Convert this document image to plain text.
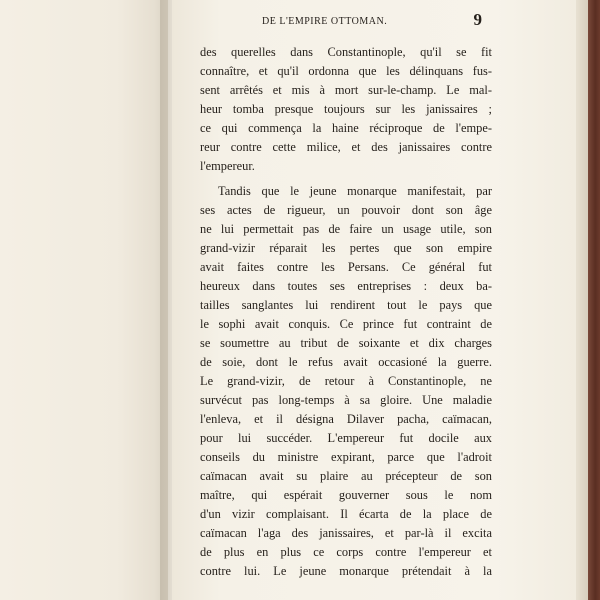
DE L'EMPIRE OTTOMAN.	9
des querelles dans Constantinople, qu'il se fit
connaître, et qu'il ordonna que les délinquans fus-
sent arrêtés et mis à mort sur-le-champ. Le mal-
heur tomba presque toujours sur les janissaires ;
ce qui commença la haine réciproque de l'empe-
reur contre cette milice, et des janissaires contre
l'empereur.
Tandis que le jeune monarque manifestait, par
ses actes de rigueur, un pouvoir dont son âge
ne lui permettait pas de faire un usage utile, son
grand-vizir réparait les pertes que son empire
avait faites contre les Persans. Ce général fut
heureux dans toutes ses entreprises : deux ba-
tailles sanglantes lui rendirent tout le pays que
le sophi avait conquis. Ce prince fut contraint de
se soumettre au tribut de soixante et dix charges
de soie, dont le refus avait occasioné la guerre.
Le grand-vizir, de retour à Constantinople, ne
survécut pas long-temps à sa gloire. Une maladie
l'enleva, et il désigna Dilaver pacha, caïmacan,
pour lui succéder. L'empereur fut docile aux
conseils du ministre expirant, parce que l'adroit
caïmacan avait su plaire au précepteur de son
maître, qui espérait gouverner sous le nom
d'un vizir complaisant. Il écarta de la place de
caïmacan l'aga des janissaires, et par-là il excita
de plus en plus ce corps contre l'empereur et
contre lui. Le jeune monarque prétendait à la
